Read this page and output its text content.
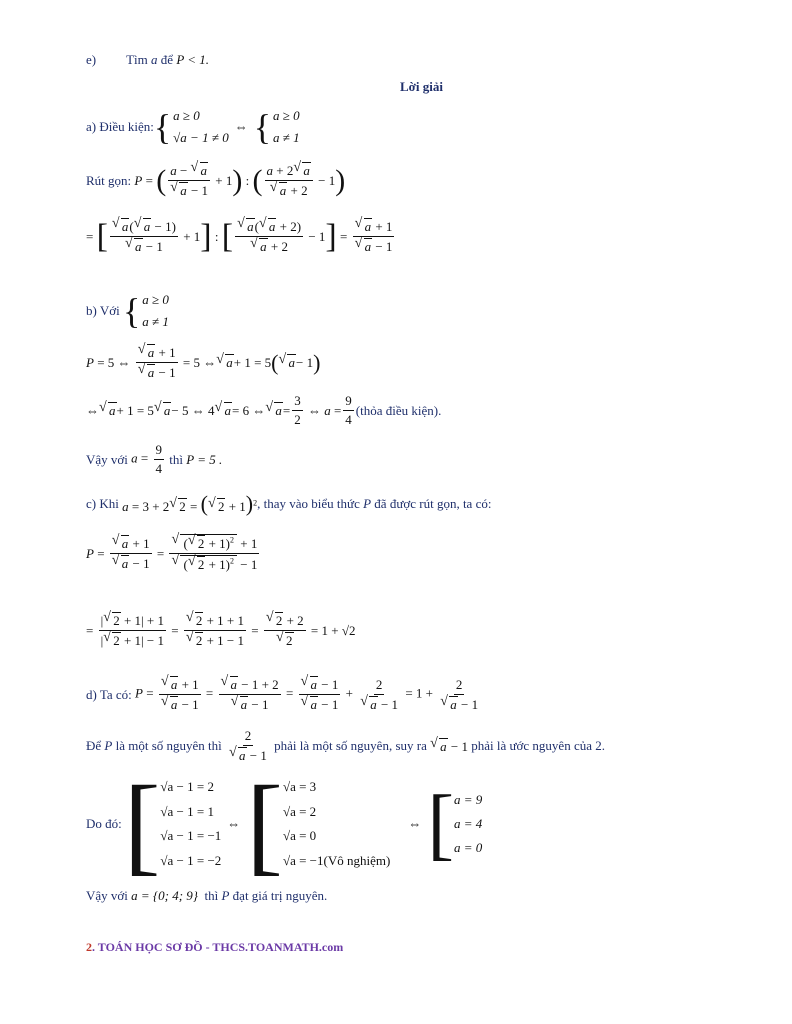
e) Tìm
a
để
P < 1.
Lời giải
a) Điều kiện: { a ≥ 0
√a − 1 ≠ 0
⇔ { a ≥ 0
a ≠ 1
Rút gọn:
P = ( a − √ a
√ a − 1 + 1 ) : ( a + 2 √ a
√ a + 2 − 1 )
= [ √ a( √ a − 1)
√ a − 1 + 1 ] : [ √ a( √ a + 2)
√ a + 2 − 1 ] = √ a + 1
√ a − 1
b) Với
{ a ≥ 0
a ≠ 1
P = 5 ⇔ √ a + 1
√ a − 1 = 5 ⇔ √ a + 1 = 5 ( √ a − 1 )
⇔ √ a + 1 = 5 √ a − 5 ⇔ 4 √ a = 6 ⇔ √ $a = \frac{3}{2}$ ⇔ $a = \frac{9}{4}$ (thỏa điều kiện).
Vậy với
$a = \frac{9}{4}$
thì
P = 5 .
c) Khi
a = 3 + 2 √ 2 = ( √ 2 + 1)$^2$ , thay vào biểu thức
P
đã được rút gọn, ta có:
P = √ a + 1
√ a − 1 = √ ( √ 2 + 1)$^2$ + 1
√ ( √ 2 + 1)$^2$ − 1
= $\frac{| √ 2 + 1| + 1}{| √ 2 + 1| - 1}$ = √ 2 + 1 + 1
√ 2 + 1 − 1 = √ 2 + 2
√ 2 = 1 + √2
d) Ta có:
P = √ a + 1
√ a − 1 = √ a − 1 + 2
√ a − 1 = √ a − 1
√ a − 1 + 2
√ a − 1 = 1 + 2
√ a − 1
Để
P
là một số nguyên thì
2
√ a − 1
phải là một số nguyên, suy ra
	√ a − 1
phải là ước nguyên của 2.
Do đó: [ √a − 1 = 2
√a − 1 = 1
√a − 1 = −1
√a − 1 = −2
⇔ [ √a = 3
√a = 2
√a = 0
√a = −1(Vô nghiệm)
⇔ [ a = 9
a = 4
a = 0
Vậy với
a = {0; 4; 9} thì P
đạt giá trị nguyên.
2. TOÁN HỌC SƠ ĐỒ - THCS.TOANMATH.com
